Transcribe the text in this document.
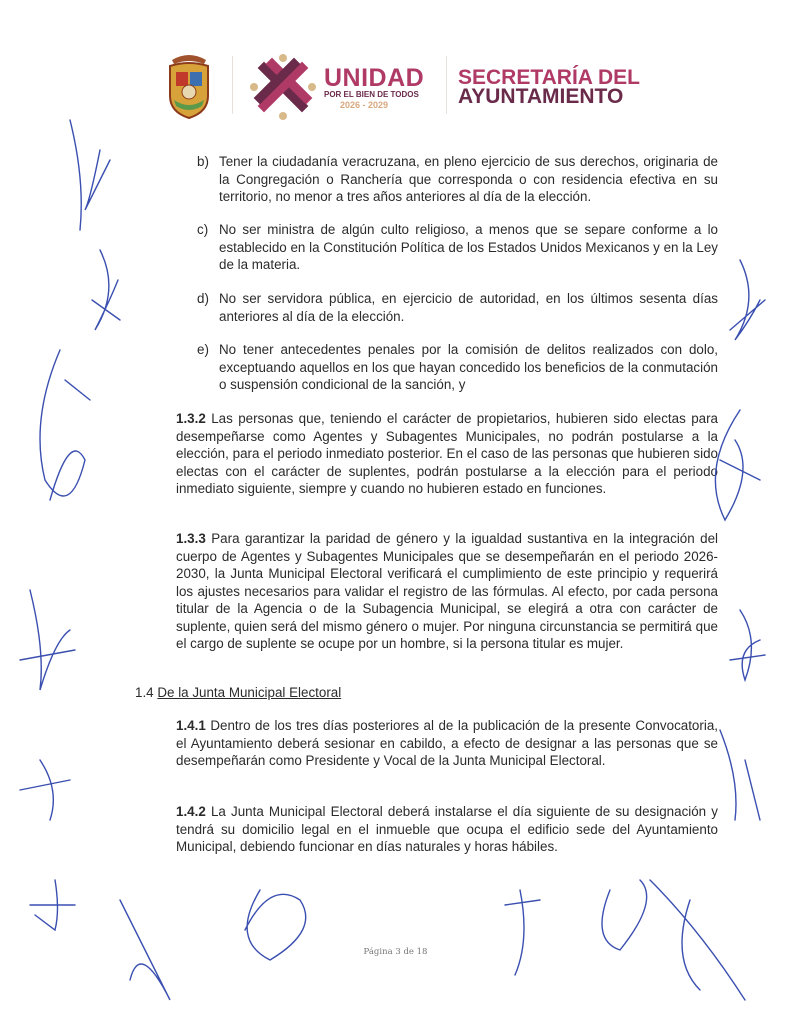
UNIDAD
POR EL BIEN DE TODOS
2026 - 2029
SECRETARÍA DEL
AYUNTAMIENTO
b) Tener la ciudadanía veracruzana, en pleno ejercicio de sus derechos, originaria de la Congregación o Ranchería que corresponda o con residencia efectiva en su territorio, no menor a tres años anteriores al día de la elección.
c) No ser ministra de algún culto religioso, a menos que se separe conforme a lo establecido en la Constitución Política de los Estados Unidos Mexicanos y en la Ley de la materia.
d) No ser servidora pública, en ejercicio de autoridad, en los últimos sesenta días anteriores al día de la elección.
e) No tener antecedentes penales por la comisión de delitos realizados con dolo, exceptuando aquellos en los que hayan concedido los beneficios de la conmutación o suspensión condicional de la sanción, y
1.3.2 Las personas que, teniendo el carácter de propietarios, hubieren sido electas para desempeñarse como Agentes y Subagentes Municipales, no podrán postularse a la elección, para el periodo inmediato posterior. En el caso de las personas que hubieren sido electas con el carácter de suplentes, podrán postularse a la elección para el periodo inmediato siguiente, siempre y cuando no hubieren estado en funciones.
1.3.3 Para garantizar la paridad de género y la igualdad sustantiva en la integración del cuerpo de Agentes y Subagentes Municipales que se desempeñarán en el periodo 2026-2030, la Junta Municipal Electoral verificará el cumplimiento de este principio y requerirá los ajustes necesarios para validar el registro de las fórmulas. Al efecto, por cada persona titular de la Agencia o de la Subagencia Municipal, se elegirá a otra con carácter de suplente, quien será del mismo género o mujer. Por ninguna circunstancia se permitirá que el cargo de suplente se ocupe por un hombre, si la persona titular es mujer.
1.4 De la Junta Municipal Electoral
1.4.1 Dentro de los tres días posteriores al de la publicación de la presente Convocatoria, el Ayuntamiento deberá sesionar en cabildo, a efecto de designar a las personas que se desempeñarán como Presidente y Vocal de la Junta Municipal Electoral.
1.4.2 La Junta Municipal Electoral deberá instalarse el día siguiente de su designación y tendrá su domicilio legal en el inmueble que ocupa el edificio sede del Ayuntamiento Municipal, debiendo funcionar en días naturales y horas hábiles.
Página 3 de 18
